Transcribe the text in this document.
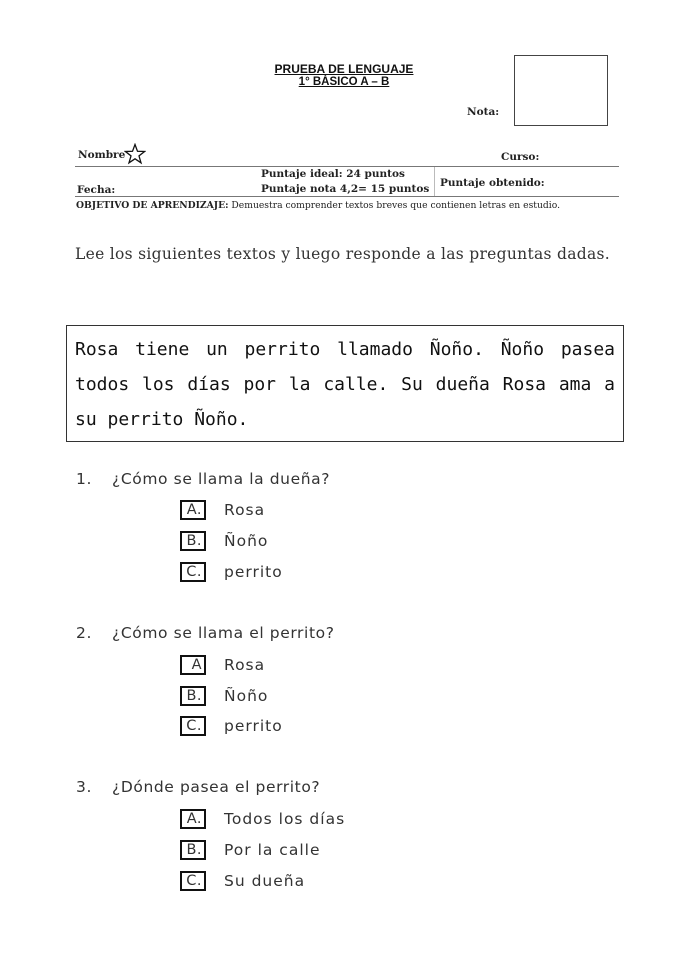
PRUEBA DE LENGUAJE
1° BÁSICO A – B
Nota:
Nombre	Curso:
Puntaje ideal: 24 puntos
Fecha:	Puntaje nota 4,2= 15 puntos Puntaje obtenido:
OBJETIVO DE APRENDIZAJE: Demuestra comprender textos breves que contienen letras en estudio.
Lee los siguientes textos y luego responde a las preguntas dadas.
Rosa tiene un perrito llamado Ñoño. Ñoño pasea todos los días por la calle. Su dueña Rosa ama a su perrito Ñoño.
1. ¿Cómo se llama la dueña?
A. Rosa
B. Ñoño
C. perrito
2. ¿Cómo se llama el perrito?
A Rosa
B. Ñoño
C. perrito
3. ¿Dónde pasea el perrito?
A. Todos los días
B. Por la calle
C. Su dueña
